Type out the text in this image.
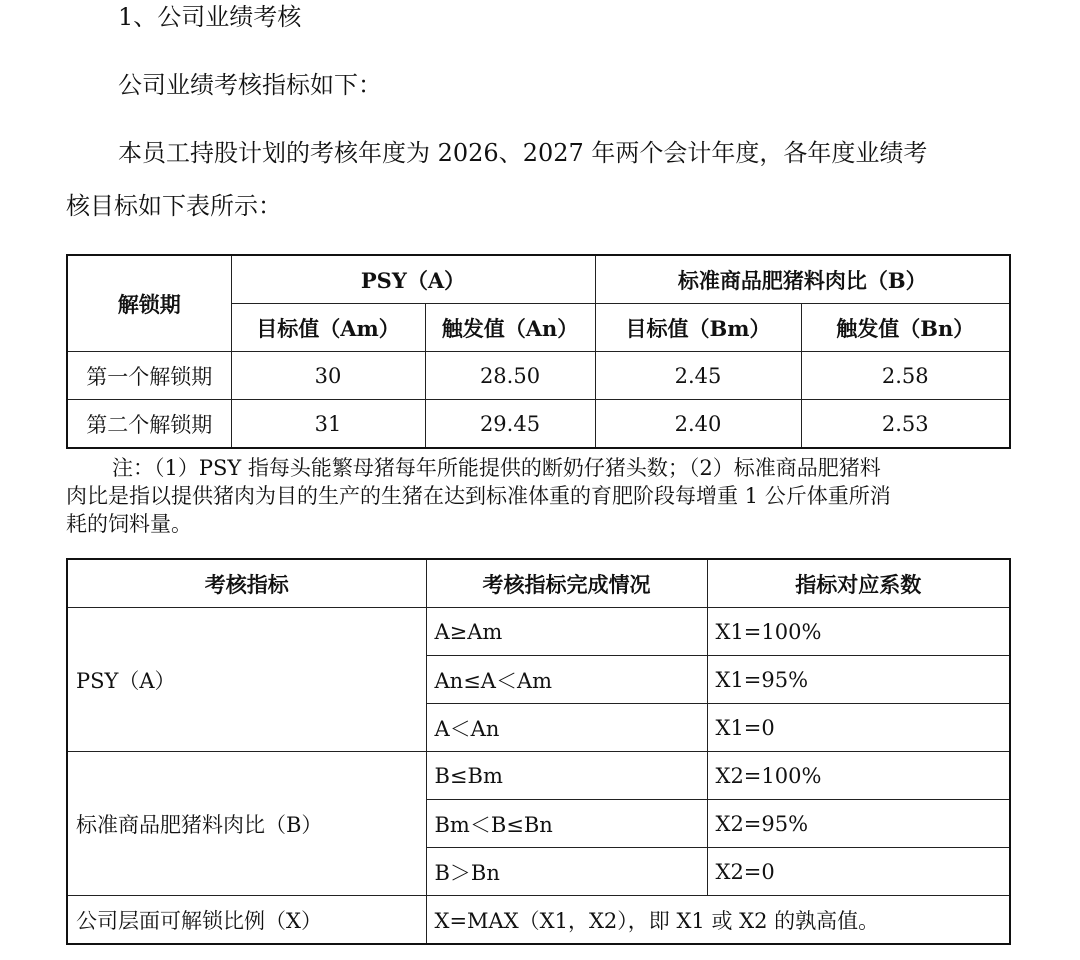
1、公司业绩考核
公司业绩考核指标如下：
本员工持股计划的考核年度为 2026、2027 年两个会计年度，各年度业绩考
核目标如下表所示：
解锁期	PSY（A）		标准商品肥猪料肉比（B）	
	目标值（Am）	触发值（An）	目标值（Bm）	触发值（Bn）
第一个解锁期	30	28.50	2.45	2.58
第二个解锁期	31	29.45	2.40	2.53
注：（1）PSY 指每头能繁母猪每年所能提供的断奶仔猪头数；（2）标准商品肥猪料
肉比是指以提供猪肉为目的生产的生猪在达到标准体重的育肥阶段每增重 1 公斤体重所消
耗的饲料量。
考核指标	考核指标完成情况	指标对应系数
PSY（A）	A≥Am	X1=100%
	An≤A＜Am	X1=95%
	A＜An	X1=0
标准商品肥猪料肉比（B）	B≤Bm	X2=100%
	Bm＜B≤Bn	X2=95%
	B＞Bn	X2=0
公司层面可解锁比例（X）	X=MAX（X1，X2），即 X1 或 X2 的孰高值。	
